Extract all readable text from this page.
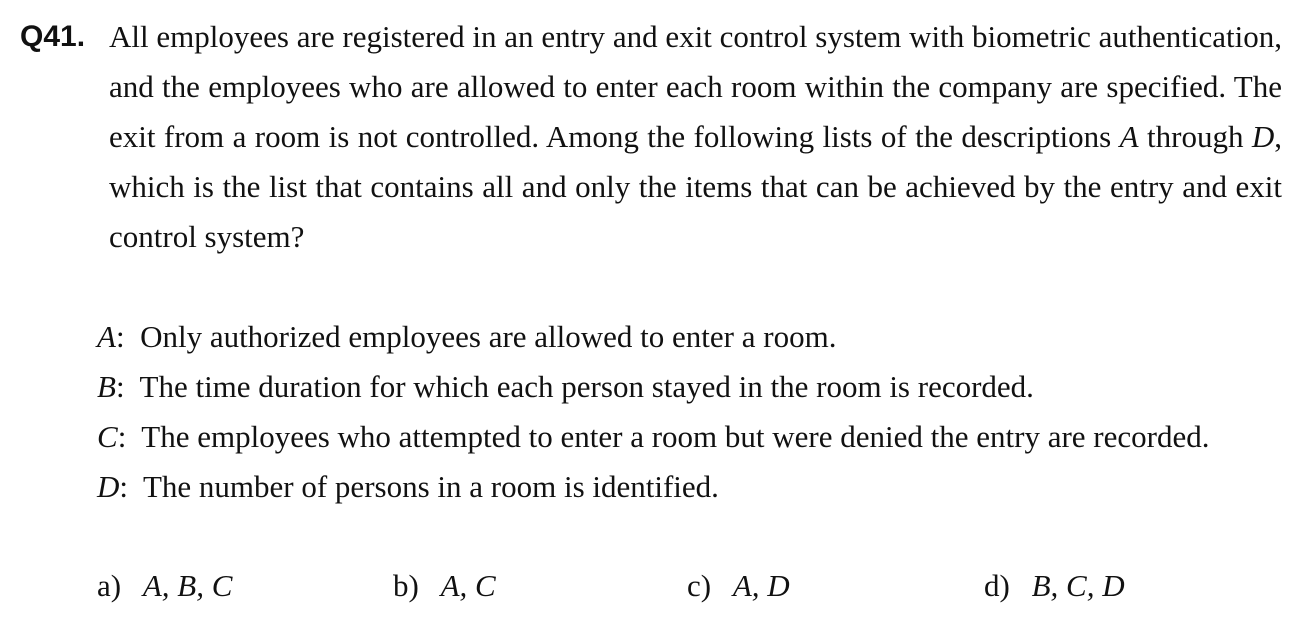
Q41. All employees are registered in an entry and exit control system with biometric authentication, and the employees who are allowed to enter each room within the company are specified. The exit from a room is not controlled. Among the following lists of the descriptions A through D, which is the list that contains all and only the items that can be achieved by the entry and exit control system?
A: Only authorized employees are allowed to enter a room.
B: The time duration for which each person stayed in the room is recorded.
C: The employees who attempted to enter a room but were denied the entry are recorded.
D: The number of persons in a room is identified.
a) A, B, C	b) A, C	c) A, D	d) B, C, D
